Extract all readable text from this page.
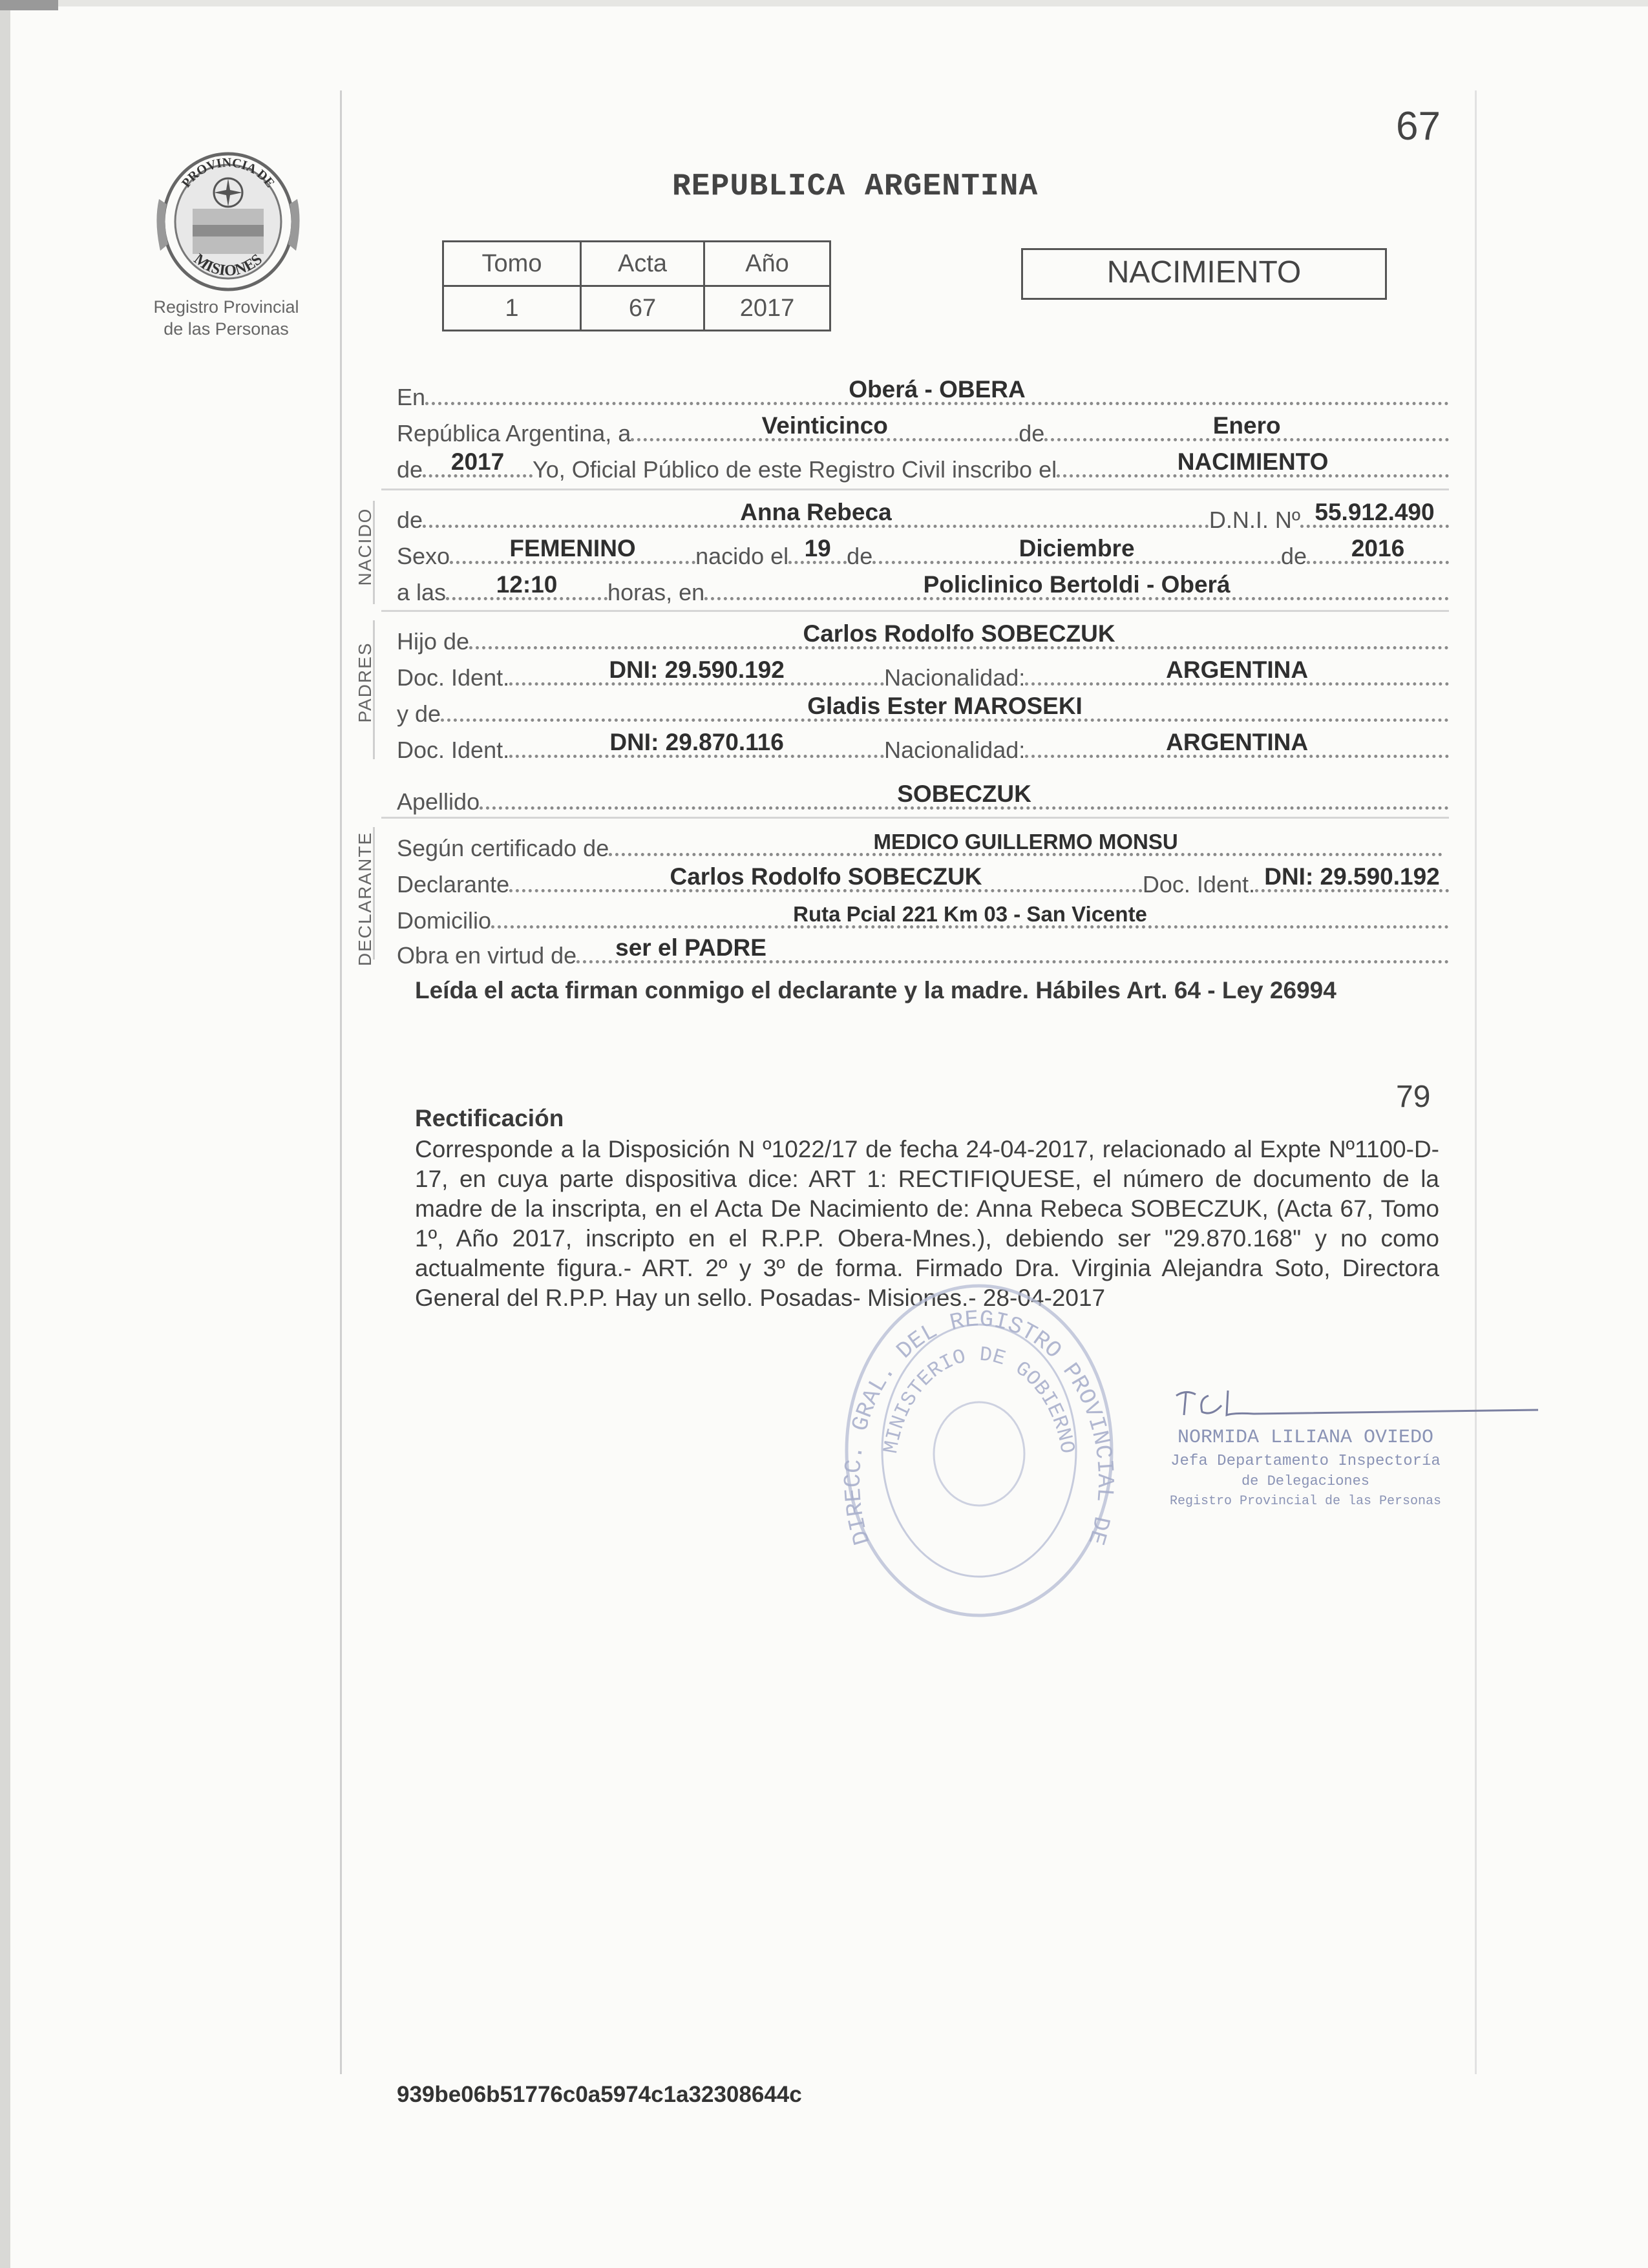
67
REPUBLICA ARGENTINA
PROVINCIA DE
MISIONES
Registro Provincial
de las Personas
Tomo	Acta	Año
1	67	2017
NACIMIENTO
En	Oberá - OBERA
República Argentina, a	Veinticinco	de	Enero
de	2017	Yo, Oficial Público de este Registro Civil inscribo el	NACIMIENTO
NACIDO de	Anna Rebeca	D.N.I. Nº 55.912.490
Sexo	FEMENINO	nacido el 19 de	Diciembre	de	2016
a las	12:10	horas, en	Policlinico Bertoldi - Oberá
PADRES
Hijo de	Carlos Rodolfo SOBECZUK
Doc. Ident.	DNI: 29.590.192	Nacionalidad:	ARGENTINA
y de	Gladis Ester MAROSEKI
Doc. Ident.	DNI: 29.870.116	Nacionalidad:	ARGENTINA
Apellido	SOBECZUK
DECLARANTE Según certificado de	MEDICO GUILLERMO MONSU
Declarante	Carlos Rodolfo SOBECZUK	Doc. Ident. DNI: 29.590.192
Domicilio	Ruta Pcial 221 Km 03 - San Vicente
Obra en virtud de ser el PADRE
Leída el acta firman conmigo el declarante y la madre. Hábiles Art. 64 - Ley 26994
79
Rectificación
Corresponde a la Disposición N º1022/17 de fecha 24-04-2017, relacionado al Expte Nº1100-D-17, en cuya parte dispositiva dice: ART 1: RECTIFIQUESE, el número de documento de la madre de la inscripta, en el Acta De Nacimiento de: Anna Rebeca SOBECZUK, (Acta 67, Tomo 1º, Año 2017, inscripto en el R.P.P. Obera-Mnes.), debiendo ser "29.870.168" y no como actualmente figura.- ART. 2º y 3º de forma. Firmado Dra. Virginia Alejandra Soto, Directora General del R.P.P. Hay un sello. Posadas- Misiones.- 28-04-2017
DIRECC. GRAL. DEL REGISTRO PROVINCIAL DE
MINISTERIO DE GOBIERNO	NORMIDA LILIANA OVIEDO
Jefa Departamento Inspectoría
de Delegaciones
Registro Provincial de las Personas
939be06b51776c0a5974c1a32308644c
